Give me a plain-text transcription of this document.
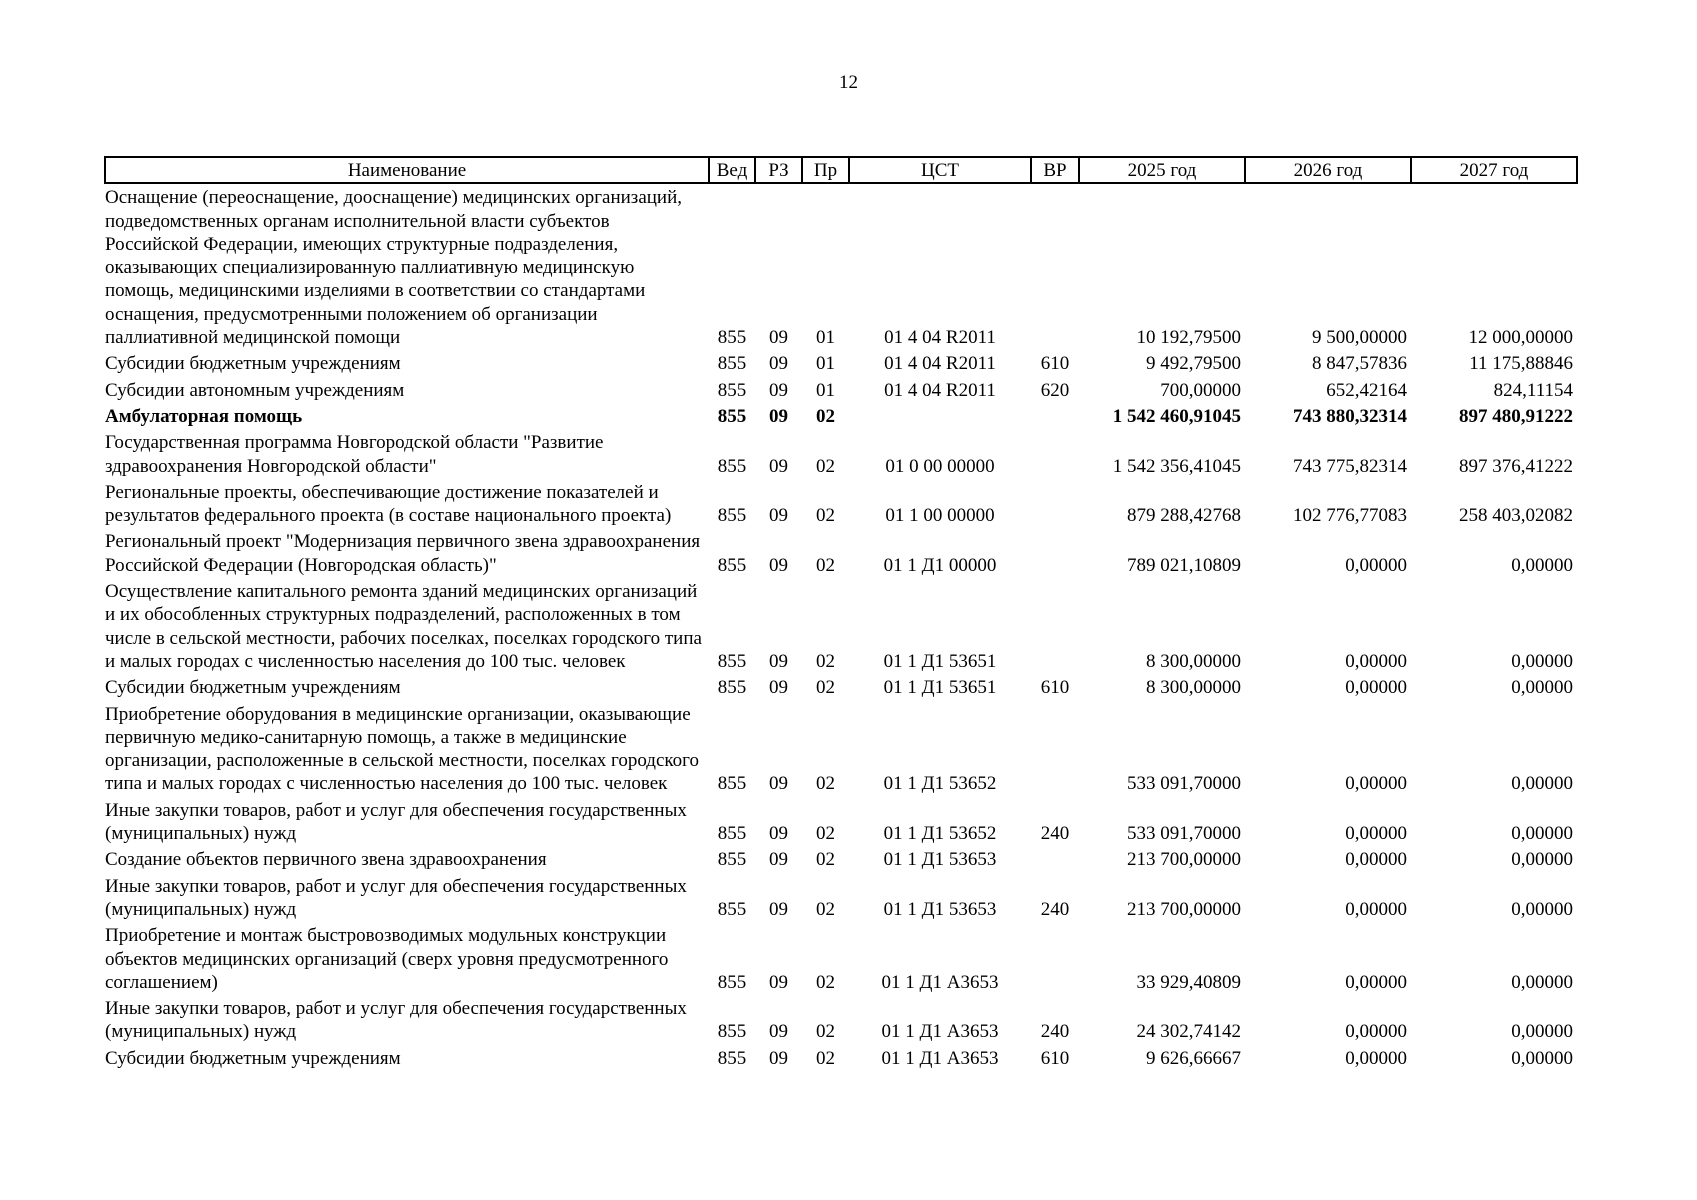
12
Наименование	Вед	РЗ	Пр	ЦСТ	ВР	2025 год	2026 год	2027 год
Оснащение (переоснащение, дооснащение) медицинских организаций, подведомственных органам исполнительной власти субъектов Российской Федерации, имеющих структурные подразделения, оказывающих специализированную паллиативную медицинскую помощь, медицинскими изделиями в соответствии со стандартами оснащения, предусмотренными положением об организации паллиативной медицинской помощи	855	09	01	01 4 04 R2011		10 192,79500	9 500,00000	12 000,00000
Субсидии бюджетным учреждениям	855	09	01	01 4 04 R2011	610	9 492,79500	8 847,57836	11 175,88846
Субсидии автономным учреждениям	855	09	01	01 4 04 R2011	620	700,00000	652,42164	824,11154
Амбулаторная помощь	855	09	02			1 542 460,91045	743 880,32314	897 480,91222
Государственная программа Новгородской области "Развитие здравоохранения Новгородской области"	855	09	02	01 0 00 00000		1 542 356,41045	743 775,82314	897 376,41222
Региональные проекты, обеспечивающие достижение показателей и результатов федерального проекта (в составе национального проекта)	855	09	02	01 1 00 00000		879 288,42768	102 776,77083	258 403,02082
Региональный проект "Модернизация первичного звена здравоохранения Российской Федерации (Новгородская область)"	855	09	02	01 1 Д1 00000		789 021,10809	0,00000	0,00000
Осуществление капитального ремонта зданий медицинских организаций и их обособленных структурных подразделений, расположенных в том числе в сельской местности, рабочих поселках, поселках городского типа и малых городах с численностью населения до 100 тыс. человек	855	09	02	01 1 Д1 53651		8 300,00000	0,00000	0,00000
Субсидии бюджетным учреждениям	855	09	02	01 1 Д1 53651	610	8 300,00000	0,00000	0,00000
Приобретение оборудования в медицинские организации, оказывающие первичную медико-санитарную помощь, а также в медицинские организации, расположенные в сельской местности, поселках городского типа и малых городах с численностью населения до 100 тыс. человек	855	09	02	01 1 Д1 53652		533 091,70000	0,00000	0,00000
Иные закупки товаров, работ и услуг для обеспечения государственных (муниципальных) нужд	855	09	02	01 1 Д1 53652	240	533 091,70000	0,00000	0,00000
Создание объектов первичного звена здравоохранения	855	09	02	01 1 Д1 53653		213 700,00000	0,00000	0,00000
Иные закупки товаров, работ и услуг для обеспечения государственных (муниципальных) нужд	855	09	02	01 1 Д1 53653	240	213 700,00000	0,00000	0,00000
Приобретение и монтаж быстровозводимых модульных конструкции объектов медицинских организаций (сверх уровня предусмотренного соглашением)	855	09	02	01 1 Д1 А3653		33 929,40809	0,00000	0,00000
Иные закупки товаров, работ и услуг для обеспечения государственных (муниципальных) нужд	855	09	02	01 1 Д1 А3653	240	24 302,74142	0,00000	0,00000
Субсидии бюджетным учреждениям	855	09	02	01 1 Д1 А3653	610	9 626,66667	0,00000	0,00000
